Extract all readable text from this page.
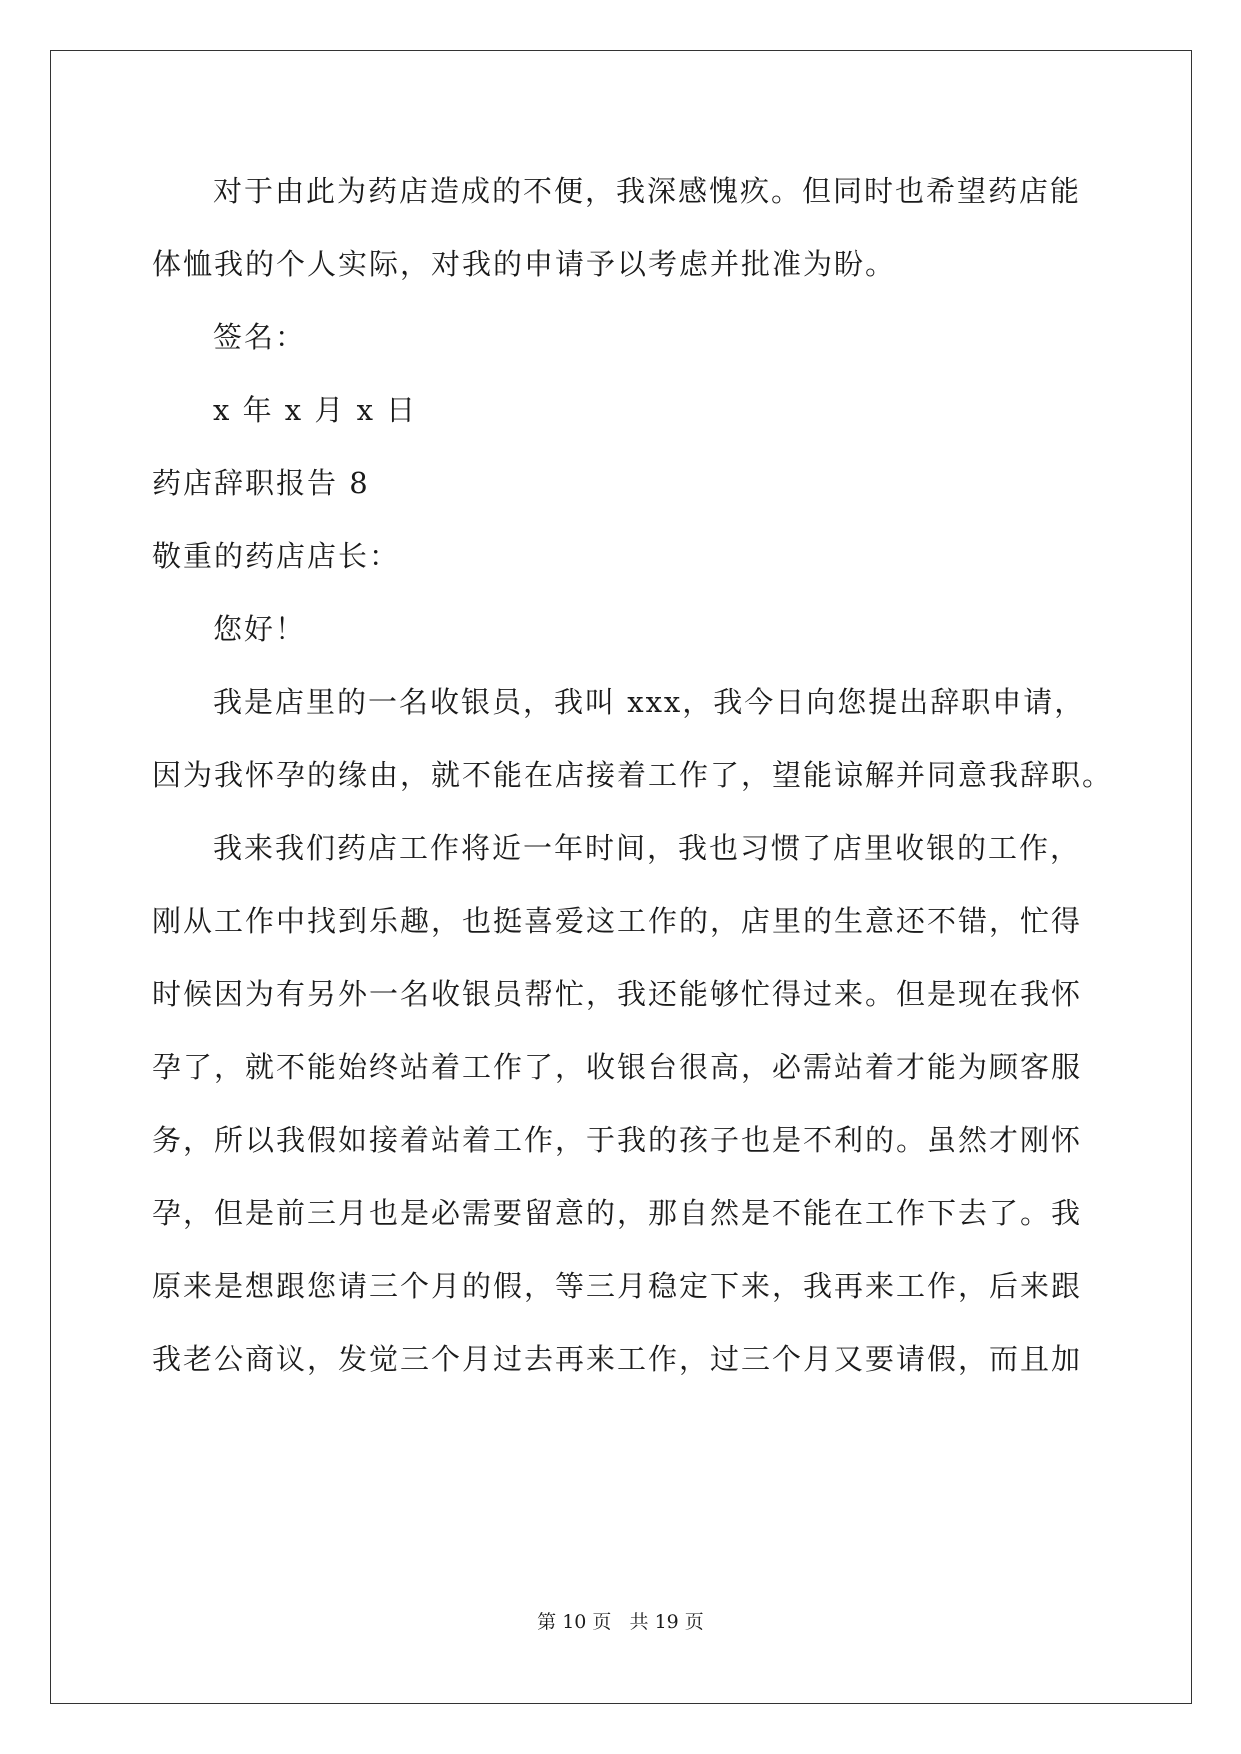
对于由此为药店造成的不便，我深感愧疚。但同时也希望药店能
体恤我的个人实际，对我的申请予以考虑并批准为盼。
签名：
x 年 x 月 x 日
药店辞职报告 8
敬重的药店店长：
您好！
我是店里的一名收银员，我叫 xxx，我今日向您提出辞职申请，
因为我怀孕的缘由，就不能在店接着工作了，望能谅解并同意我辞职。
我来我们药店工作将近一年时间，我也习惯了店里收银的工作，
刚从工作中找到乐趣，也挺喜爱这工作的，店里的生意还不错，忙得
时候因为有另外一名收银员帮忙，我还能够忙得过来。但是现在我怀
孕了，就不能始终站着工作了，收银台很高，必需站着才能为顾客服
务，所以我假如接着站着工作，于我的孩子也是不利的。虽然才刚怀
孕，但是前三月也是必需要留意的，那自然是不能在工作下去了。我
原来是想跟您请三个月的假，等三月稳定下来，我再来工作，后来跟
我老公商议，发觉三个月过去再来工作，过三个月又要请假，而且加
第 10 页   共 19 页
